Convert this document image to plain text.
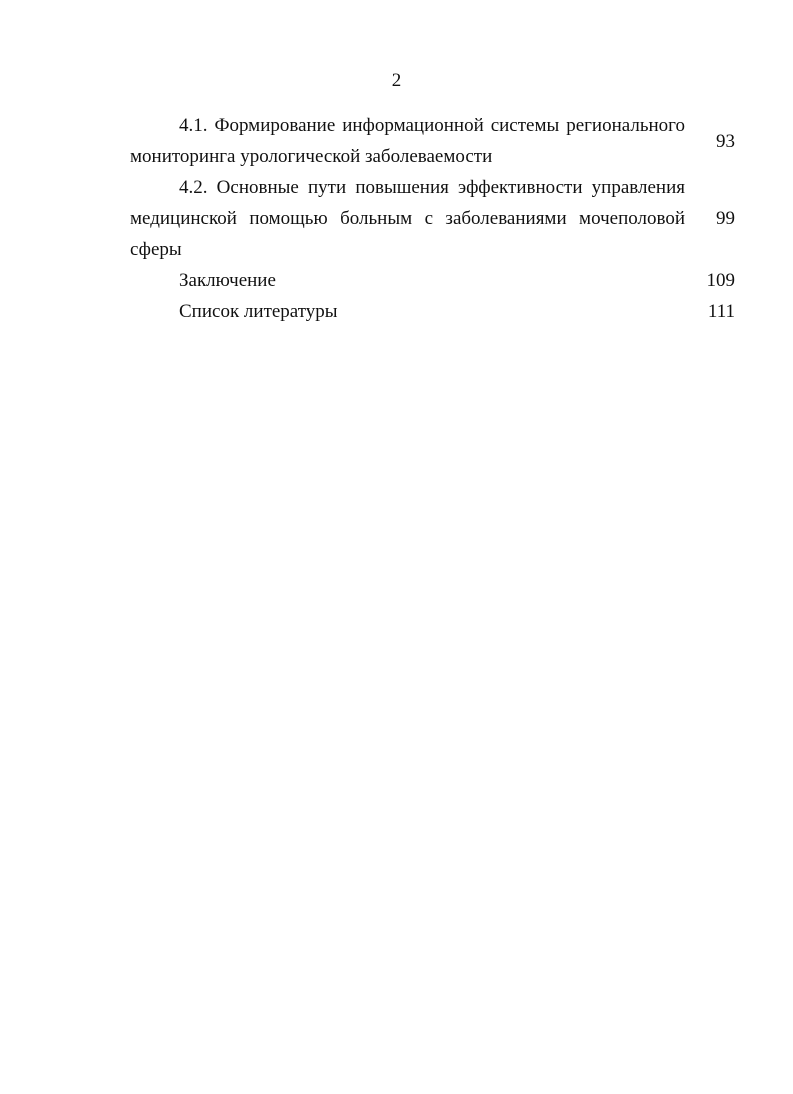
2
4.1. Формирование информационной системы регионального мониторинга урологической заболеваемости
93
4.2. Основные пути повышения эффективности управления медицинской помощью больным с заболеваниями мочеполовой сферы
99
Заключение	109
Список литературы	111
